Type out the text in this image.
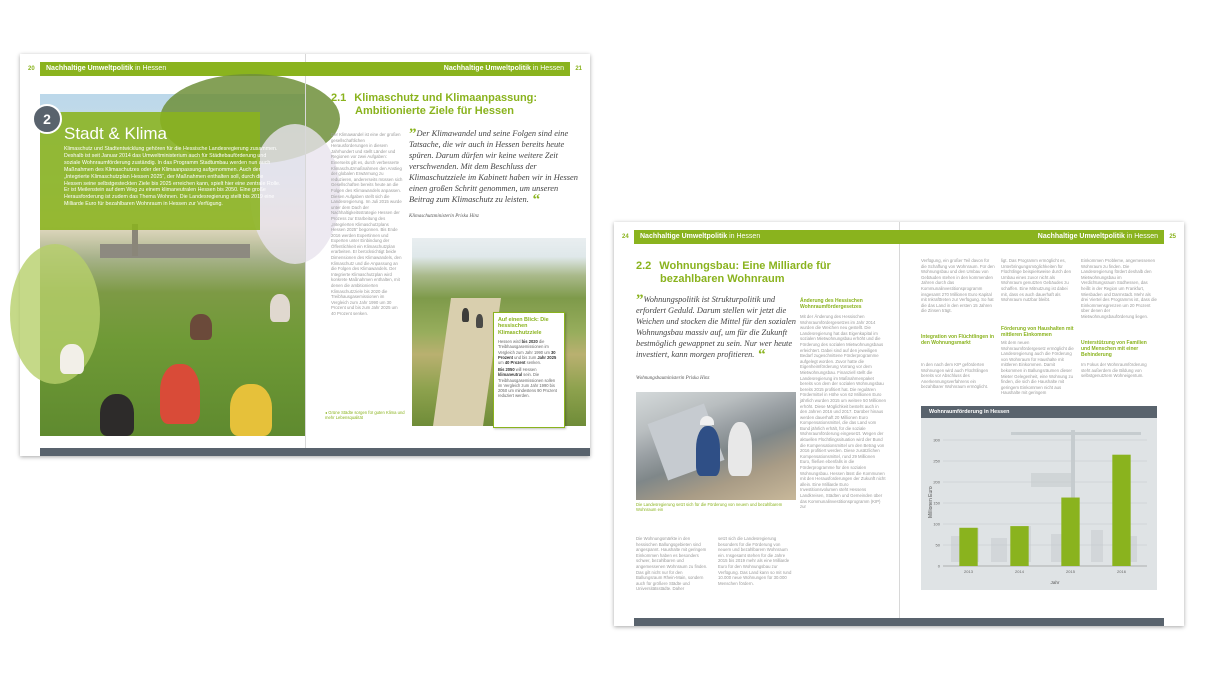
20	Nachhaltige Umweltpolitik in Hessen
2
Stadt & Klima
Klimaschutz und Stadtentwicklung gehören für die Hessische Landesregierung zusammen. Deshalb ist seit Januar 2014 das Umweltministerium auch für Städtebauförderung und soziale Wohnraumförderung zuständig. In das Programm Stadtumbau werden nun auch Maßnahmen des Klimaschutzes oder der Klimaanpassung aufgenommen. Auch der „Integrierte Klimaschutzplan Hessen 2025“, der Maßnahmen enthalten soll, durch die Hessen seine selbstgesteckten Ziele bis 2025 erreichen kann, spielt hier eine zentrale Rolle. Er ist Meilenstein auf dem Weg zu einem klimaneutralen Hessen bis 2050. Eine große Herausforderung ist zudem das Thema Wohnen. Die Landesregierung stellt bis 2019 eine Milliarde Euro für bezahlbaren Wohnraum in Hessen zur Verfügung.
Nachhaltige Umweltpolitik in Hessen	21
2.1 Klimaschutz und Klimaanpassung:
Ambitionierte Ziele für Hessen
Der Klimawandel ist eine der großen gesellschaftlichen Herausforderungen in diesem Jahrhundert und stellt Länder und Regionen vor zwei Aufgaben: Einerseits gilt es, durch verbesserte Klimaschutzmaßnahmen den Anstieg der globalen Erwärmung zu reduzieren, andererseits müssen sich Gesellschaften bereits heute an die Folgen des Klimawandels anpassen. Diesen Aufgaben stellt sich die Landesregierung. Im Juli 2015 wurde unter dem Dach der Nachhaltigkeitsstrategie Hessen der Prozess zur Erarbeitung des „Integrierten Klimaschutzplans Hessen 2025“ begonnen. Bis Ende 2016 werden Expertinnen und Experten unter Einbindung der Öffentlichkeit ein Klimaschutzplan erarbeiten. Er berücksichtigt beide Dimensionen des Klimawandels, den Klimaschutz und die Anpassung an die Folgen des Klimawandels. Der Integrierte Klimaschutzplan wird konkrete Maßnahmen enthalten, mit denen die ambitionierten Klimaschutzziele bis 2020 die Treibhausgasemissionen im Vergleich zum Jahr 1990 um 30 Prozent und bis zum Jahr 2025 um 40 Prozent senken.
”Der Klimawandel und seine Folgen sind eine Tatsache, die wir auch in Hessen bereits heute spüren. Darum dürfen wir keine weitere Zeit verschwenden. Mit dem Beschluss der Klimaschutzziele im Kabinett haben wir in Hessen einen großen Schritt genommen, um unseren Beitrag zum Klimaschutz zu leisten. “
Klimaschutzministerin Priska Hinz
Auf einen Blick: Die hessischen Klimaschutzziele
Hessen wird bis 2020 die Treibhausgasemissionen im Vergleich zum Jahr 1990 um 30 Prozent und bis zum Jahr 2025 um 40 Prozent senken.
Bis 2050 will Hessen klimaneutral sein. Die Treibhausgasemissionen sollen im Vergleich zum Jahr 1990 bis 2050 um mindestens 90 Prozent reduziert werden.
◂ Grüne Städte sorgen für guten Klima und mehr Lebensqualität
24	Nachhaltige Umweltpolitik in Hessen
2.2 Wohnungsbau: Eine Milliarde für
bezahlbaren Wohnraum
”Wohnungspolitik ist Strukturpolitik und erfordert Geduld. Darum stellen wir jetzt die Weichen und stocken die Mittel für den sozialen Wohnungsbau massiv auf, um für die Zukunft bestmöglich gewappnet zu sein. Nur wer heute investiert, kann morgen profitieren. “
Wohnungsbauministerin Priska Hinz
Änderung des Hessischen Wohnraumfördergesetzes
Mit der Änderung des Hessischen Wohnraumfördergesetzes im Jahr 2014 wurden die Weichen neu gestellt. Die Landesregierung hat das Eigenkapital im sozialen Mietwohnungsbau erhöht und die Förderung des sozialen Mietwohnungsbaus erleichtert. Dabei sind auf den jeweiligen Bedarf zugeschnittene Förderprogramme aufgelegt worden. Zuvor hatte die Eigenheimförderung Vorrang vor dem Mietwohnungsbau. Finanziell stellt die Landesregierung im Maßnahmenpaket bereits von dem der sozialen Wohnungsbau bereits 2015 profitiert hat. Die regulären Fördermittel in Höhe von 62 Millionen Euro jährlich wurden 2015 um weitere 50 Millionen erhöht. Diese Möglichkeit besteht auch in den Jahren 2016 und 2017. Darüber hinaus werden dauerhaft 20 Millionen Euro Kompensationsmittel, die das Land vom Bund jährlich erhält, für die soziale Wohnraumförderung eingesetzt. Wegen der aktuellen Flüchtlingssituation wird der Bund die Kompensationsmittel um den Betrag von 2016 profitiert werden. Diese zusätzlichen Kompensationsmittel, rund 29 Millionen Euro, fließen ebenfalls in die Förderprogramme für den sozialen Wohnungsbau. Hessen lässt die Kommunen mit den Herausforderungen der Zukunft nicht allein. Eine Milliarde Euro Investitionsvolumen steht Hessens Landkreisen, Städten und Gemeinden über das Kommunalinvestitionsprogramm (KIP) zur
Die Landesregierung setzt sich für die Förderung von neuem und bezahlbarem Wohnraum ein
Die Wohnungsmärkte in den hessischen Ballungsgebieten sind angespannt. Haushalte mit geringem Einkommen haben es besonders schwer, bezahlbaren und angemessenen Wohnraum zu finden. Das gilt nicht nur für den Ballungsraum Rhein-Main, sondern auch für größere Städte und Universitätsstädte. Daher
setzt sich die Landesregierung besonders für die Förderung von neuem und bezahlbarem Wohnraum ein. Insgesamt stehen für die Jahre 2015 bis 2019 mehr als eine Milliarde Euro für den Wohnungsbau zur Verfügung. Das Land kann so mit rund 10.000 neue Wohnungen für 30.000 Menschen fördern.
Nachhaltige Umweltpolitik in Hessen	25
Verfügung, ein großer Teil davon für die Schaffung von Wohnraum. Für den Wohnungsbau und den Umbau von Gebäuden stehen in den kommenden Jahren durch das Kommunalinvestitionsprogramm insgesamt 270 Millionen Euro Kapital mit Inkrafttreten zur Verfügung. So hat die das Land in den ersten 15 Jahren die Zinsen trägt.
Integration von Flüchtlingen in den Wohnungsmarkt
In den nach dem KIP geförderten Wohnungen wird auch Flüchtlingen bereits vor Abschluss des Anerkennungsverfahrens ein bezahlbarer Wohnraum ermöglicht.
ligt. Das Programm ermöglicht es, Unterbringungsmöglichkeiten für Flüchtlinge beispielsweise durch den Umbau eines zuvor nicht als Wohnraum genutzten Gebäudes zu schaffen. Eine Mitnutzung ist dabei mit, dass es auch dauerhaft als Wohnraum nutzbar bleibt.
Förderung von Haushalten mit mittleren Einkommen
Mit dem neuen Wohnraumfördergesetz ermöglicht die Landesregierung auch die Förderung von Wohnraum für Haushalte mit mittleren Einkommen. Damit bekommen in Ballungsräumen dieser Mieter Gelegenheit, eine Wohnung zu finden, die sich die Haushalte mit geringem Einkommen nicht aus Haushalte mit geringem
Einkommen Probleme, angemessenen Wohnraum zu finden. Die Landesregierung fördert deshalb den Mietwohnungsbau im Verdichtungsraum Südhessen, das heißt in der Region um Frankfurt, Wiesbaden und Darmstadt. Mehr als drei Viertel des Programms ist, dass die Einkommensgrenzen um 20 Prozent über denen der Mietwohnungsbauförderung liegen.
Unterstützung von Familien und Menschen mit einer Behinderung
Im Fokus der Wohnraumförderung steht außerdem die Bildung von selbstgenutztem Wohneigentum.
Wohnraumförderung in Hessen
0
50
100
150
200
250
300
2013	2014	2015	2016
Millionen Euro
Jahr
